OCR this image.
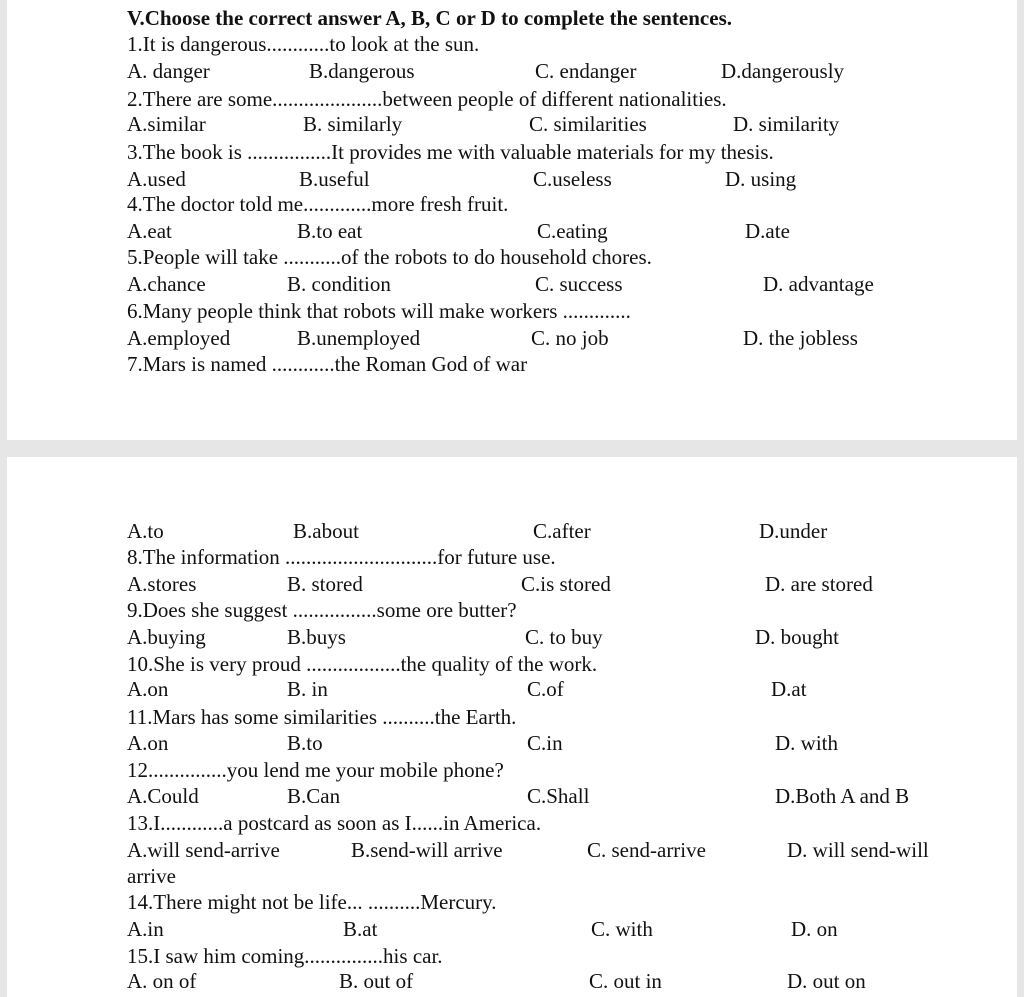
V.Choose the correct answer A, B, C or D to complete the sentences.
1.It is dangerous............to look at the sun.
A. danger	B.dangerous	C. endanger	D.dangerously
2.There are some.....................between people of different nationalities.
A.similar	B. similarly	C. similarities	D. similarity
3.The book is ................It provides me with valuable materials for my thesis.
A.used	B.useful	C.useless	D. using
4.The doctor told me.............more fresh fruit.
A.eat	B.to eat	C.eating	D.ate
5.People will take ...........of the robots to do household chores.
A.chance	B. condition	C. success	D. advantage
6.Many people think that robots will make workers .............
A.employed	B.unemployed	C. no job	D. the jobless
7.Mars is named ............the Roman God of war
A.to	B.about	C.after	D.under
8.The information .............................for future use.
A.stores	B. stored	C.is stored	D. are stored
9.Does she suggest ................some ore butter?
A.buying	B.buys	C. to buy	D. bought
10.She is very proud ..................the quality of the work.
A.on	B. in	C.of	D.at
11.Mars has some similarities ..........the Earth.
A.on	B.to	C.in	D. with
12...............you lend me your mobile phone?
A.Could	B.Can	C.Shall	D.Both A and B
13.I............a postcard as soon as I......in America.
A.will send-arrive	B.send-will arrive	C. send-arrive	D. will send-will
arrive
14.There might not be life... ..........Mercury.
A.in	B.at	C. with	D. on
15.I saw him coming...............his car.
A. on of	B. out of	C. out in	D. out on
